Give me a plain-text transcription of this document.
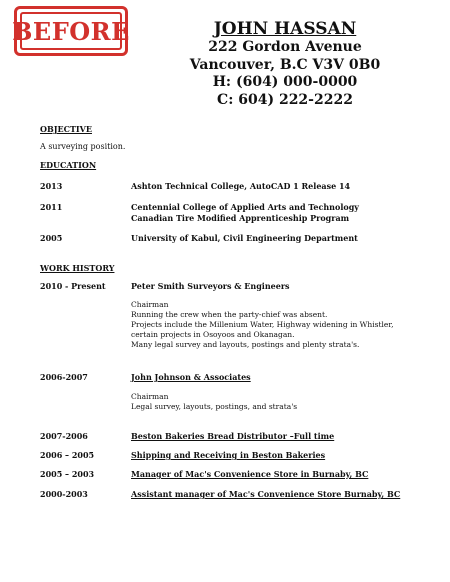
BEFORE	JOHN HASSAN
222 Gordon Avenue
Vancouver, B.C V3V 0B0
H: (604) 000-0000
C: 604) 222-2222
OBJECTIVE
A surveying position.
EDUCATION
2013	Ashton Technical College, AutoCAD 1 Release 14
2011	Centennial College of Applied Arts and Technology
Canadian Tire Modified Apprenticeship Program
2005	University of Kabul, Civil Engineering Department
WORK HISTORY
2010 - Present	Peter Smith Surveyors & Engineers
Chairman
Running the crew when the party-chief was absent.
Projects include the Millenium Water, Highway widening in Whistler,
certain projects in Osoyoos and Okanagan.
Many legal survey and layouts, postings and plenty strata's.
2006-2007	John Johnson & Associates
Chairman
Legal survey, layouts, postings, and strata's
2007-2006	Beston Bakeries Bread Distributor –Full time
2006 – 2005	Shipping and Receiving in Beston Bakeries
2005 – 2003	Manager of Mac's Convenience Store in Burnaby, BC
2000-2003	Assistant manager of Mac's Convenience Store Burnaby, BC
